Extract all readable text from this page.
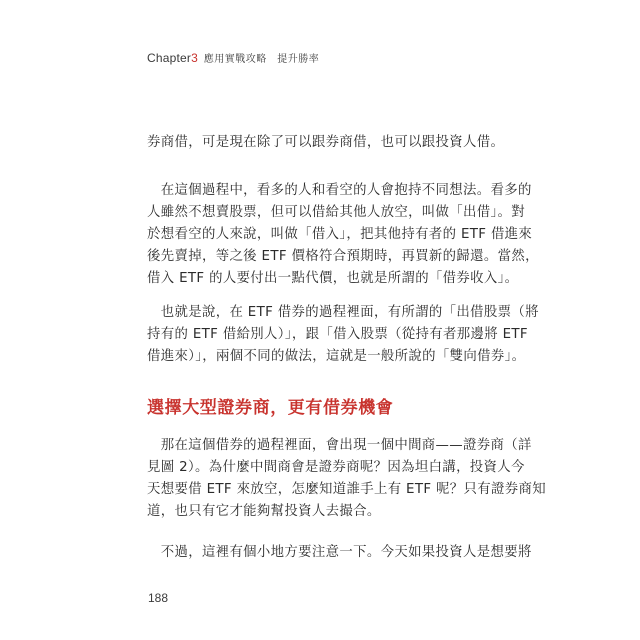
Chapter 3 應用實戰攻略　提升勝率
券商借，可是現在除了可以跟券商借，也可以跟投資人借。
　在這個過程中，看多的人和看空的人會抱持不同想法。看多的
人雖然不想賣股票，但可以借給其他人放空，叫做「出借」。對
於想看空的人來說，叫做「借入」，把其他持有者的 ETF 借進來
後先賣掉，等之後 ETF 價格符合預期時，再買新的歸還。當然，
借入 ETF 的人要付出一點代價，也就是所謂的「借券收入」。
　也就是說，在 ETF 借券的過程裡面，有所謂的「出借股票（將
持有的 ETF 借給別人）」，跟「借入股票（從持有者那邊將 ETF
借進來）」，兩個不同的做法，這就是一般所說的「雙向借券」。
選擇大型證券商，更有借券機會
　那在這個借券的過程裡面，會出現一個中間商——證券商（詳
見圖 2）。為什麼中間商會是證券商呢？因為坦白講，投資人今
天想要借 ETF 來放空，怎麼知道誰手上有 ETF 呢？只有證券商知
道，也只有它才能夠幫投資人去撮合。
　不過，這裡有個小地方要注意一下。今天如果投資人是想要將
188
